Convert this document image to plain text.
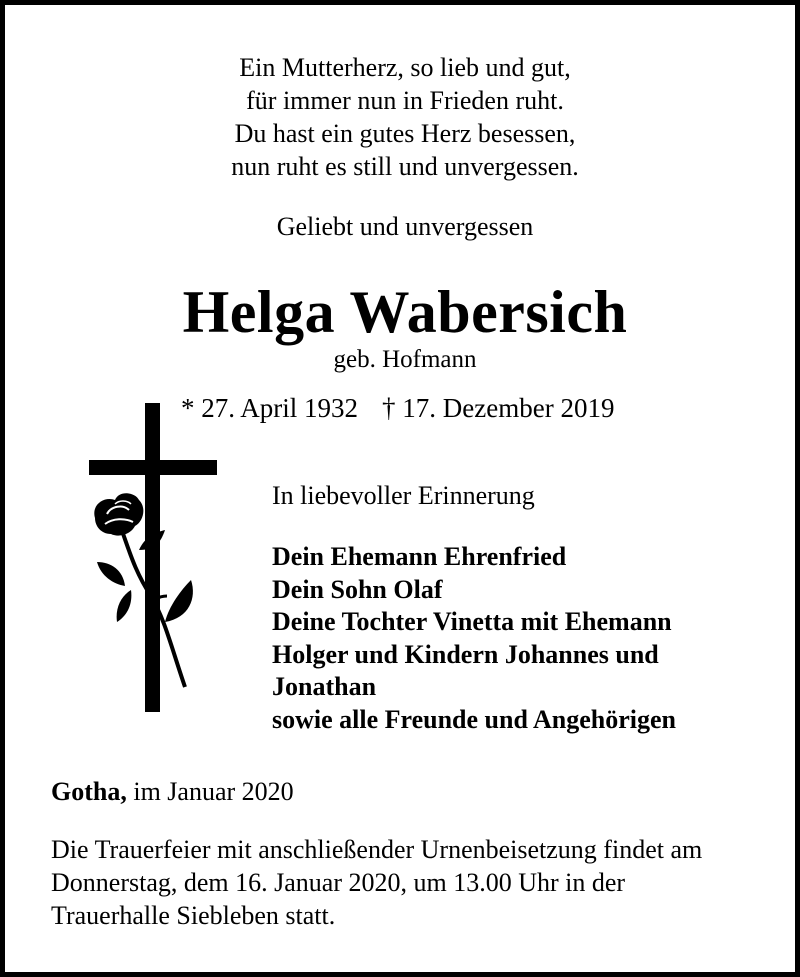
Ein Mutterherz, so lieb und gut,
für immer nun in Frieden ruht.
Du hast ein gutes Herz besessen,
nun ruht es still und unvergessen.
Geliebt und unvergessen
Helga Wabersich
geb. Hofmann
* 27. April 1932 † 17. Dezember 2019
In liebevoller Erinnerung
Dein Ehemann Ehrenfried
Dein Sohn Olaf
Deine Tochter Vinetta mit Ehemann
Holger und Kindern Johannes und
Jonathan
sowie alle Freunde und Angehörigen
Gotha, im Januar 2020
Die Trauerfeier mit anschließender Urnenbeisetzung findet am
Donnerstag, dem 16. Januar 2020, um 13.00 Uhr in der
Trauerhalle Siebleben statt.
